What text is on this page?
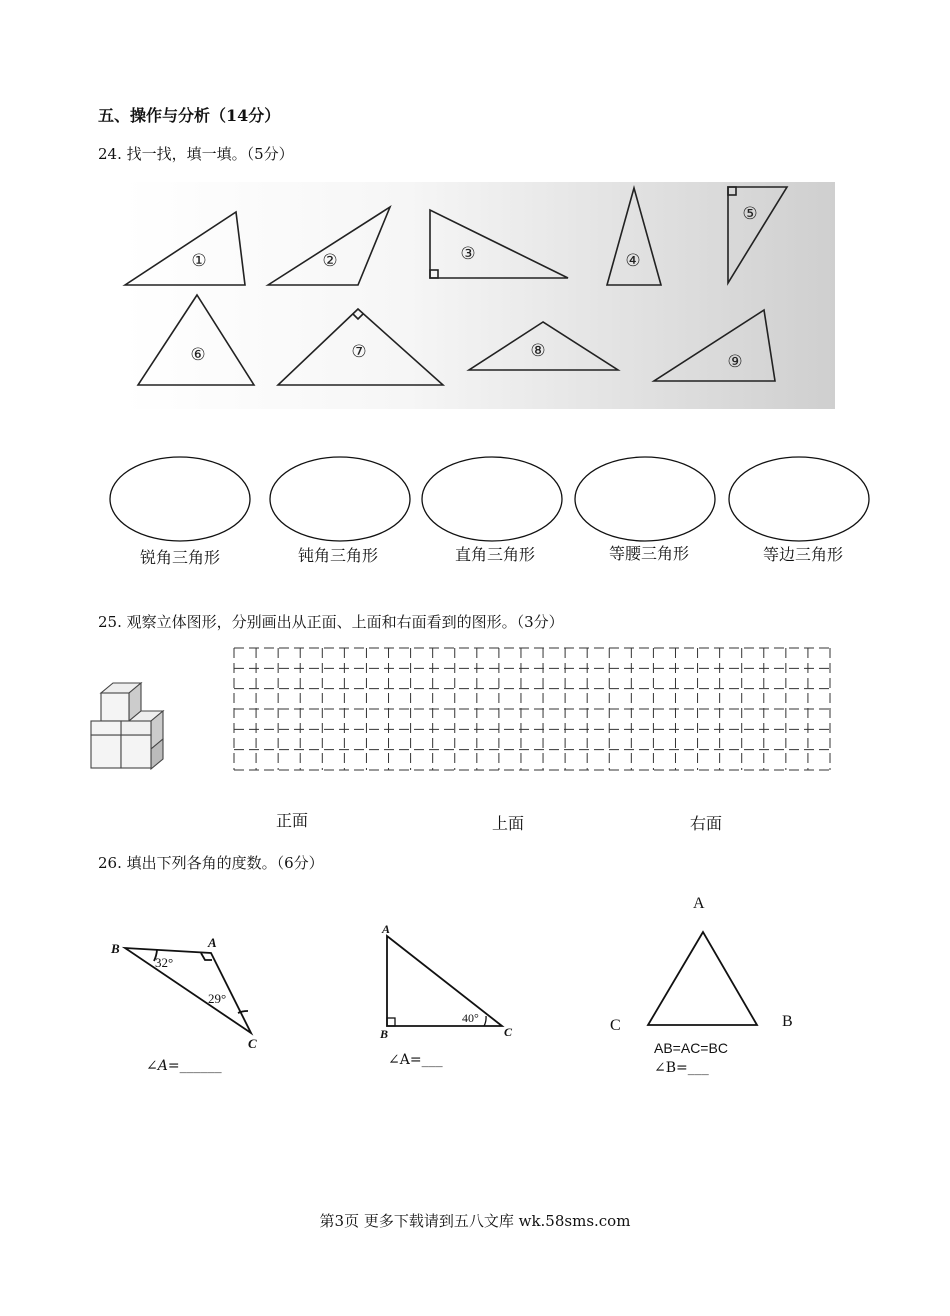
五、操作与分析（14分）
24. 找一找，填一填。（5分）
①	②	③	④
⑤
⑥	⑦	⑧
⑨
锐角三角形	钝角三角形	直角三角形	等腰三角形	等边三角形
25. 观察立体图形，分别画出从正面、上面和右面看到的图形。（3分）
正面	上面	右面
26. 填出下列各角的度数。（6分）
B	A
C
32°
29°
∠A=______
A
B	C
40°
∠A=___
A
B
C
AB=AC=BC
∠B=___
第3页 更多下载请到五八文库 wk.58sms.com
